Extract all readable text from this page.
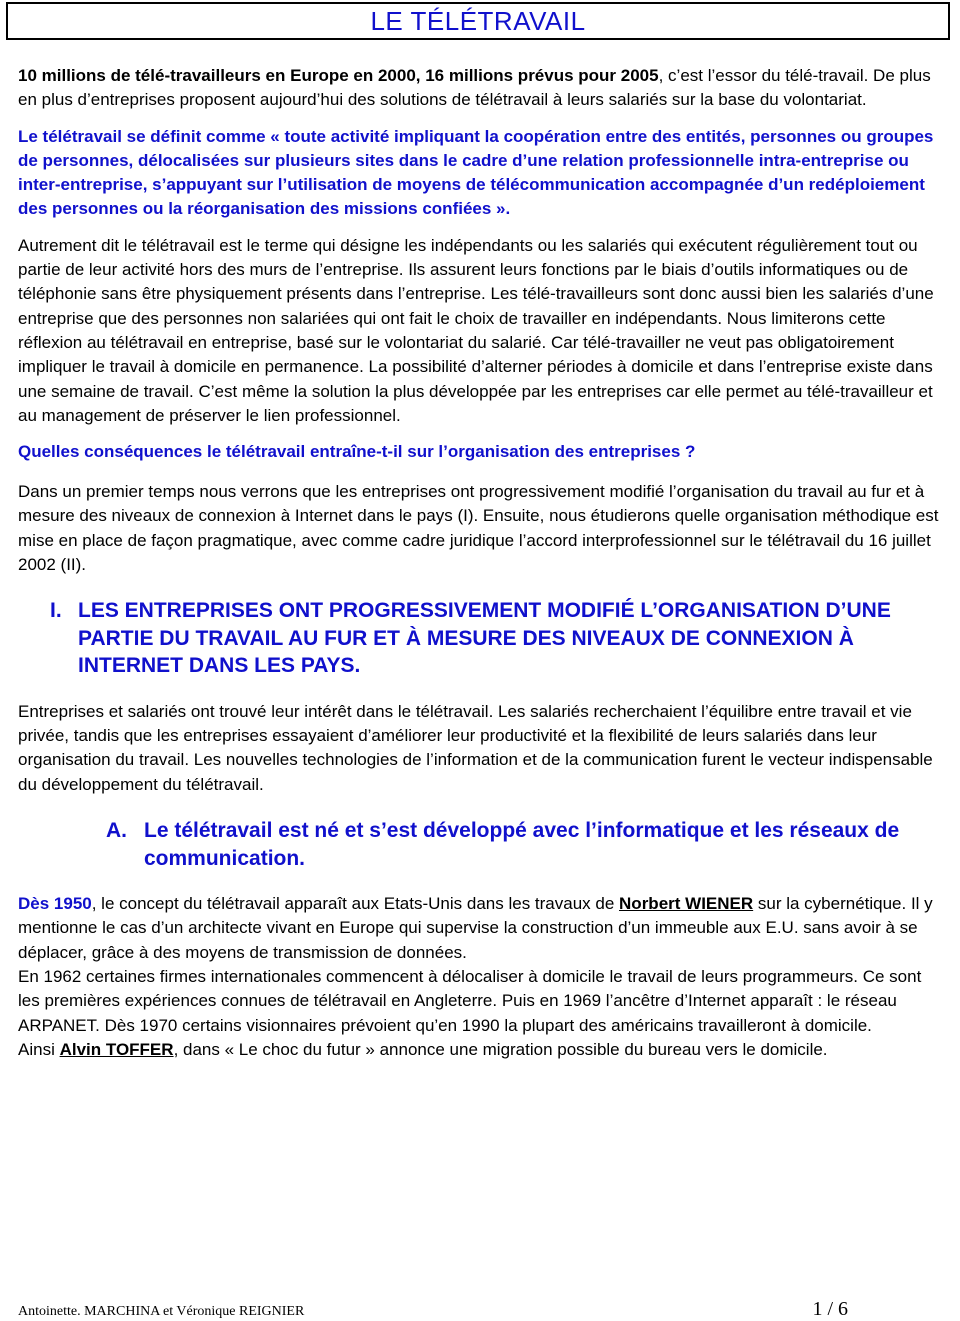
LE TÉLÉTRAVAIL

10 millions de télé-travailleurs en Europe en 2000, 16 millions prévus pour 2005, c’est l’essor du télé-travail. De plus en plus d’entreprises proposent aujourd’hui des solutions de télétravail à leurs salariés sur la base du volontariat.

Le télétravail se définit comme « toute activité impliquant la coopération entre des entités, personnes ou groupes de personnes, délocalisées sur plusieurs sites dans le cadre d’une relation professionnelle intra-entreprise ou inter-entreprise, s’appuyant sur l’utilisation de moyens de télécommunication accompagnée d’un redéploiement des personnes ou la réorganisation des missions confiées ».

Autrement dit le télétravail est le terme qui désigne les indépendants ou les salariés qui exécutent régulièrement tout ou partie de leur activité hors des murs de l’entreprise. Ils assurent leurs fonctions par le biais d’outils informatiques ou de téléphonie sans être physiquement présents dans l’entreprise. Les télé-travailleurs sont donc aussi bien les salariés d’une entreprise que des personnes non salariées qui ont fait le choix de travailler en indépendants. Nous limiterons cette réflexion au télétravail en entreprise, basé sur le volontariat du salarié. Car télé-travailler ne veut pas obligatoirement impliquer le travail à domicile en permanence. La possibilité d’alterner périodes à domicile et dans l’entreprise existe dans une semaine de travail. C’est même la solution la plus développée par les entreprises car elle permet au télé-travailleur et au management de préserver le lien professionnel.

Quelles conséquences le télétravail entraîne-t-il sur l’organisation des entreprises ?

Dans un premier temps nous verrons que les entreprises ont progressivement modifié l’organisation du travail au fur et à mesure des niveaux de connexion à Internet dans le pays (I). Ensuite, nous étudierons quelle organisation méthodique est mise en place de façon pragmatique, avec comme cadre juridique l’accord interprofessionnel sur le télétravail du 16 juillet 2002 (II).

I. LES ENTREPRISES ONT PROGRESSIVEMENT MODIFIÉ L’ORGANISATION D’UNE PARTIE DU TRAVAIL AU FUR ET À MESURE DES NIVEAUX DE CONNEXION À INTERNET DANS LES PAYS.

Entreprises et salariés ont trouvé leur intérêt dans le télétravail. Les salariés recherchaient l’équilibre entre travail et vie privée, tandis que les entreprises essayaient d’améliorer leur productivité et la flexibilité de leurs salariés dans leur organisation du travail. Les nouvelles technologies de l’information et de la communication furent le vecteur indispensable du développement du télétravail.

A. Le télétravail est né et s’est développé avec l’informatique et les réseaux de communication.

Dès 1950, le concept du télétravail apparaît aux Etats-Unis dans les travaux de Norbert WIENER sur la cybernétique. Il y mentionne le cas d’un architecte vivant en Europe qui supervise la construction d’un immeuble aux E.U. sans avoir à se déplacer, grâce à des moyens de transmission de données.

En 1962 certaines firmes internationales commencent à délocaliser à domicile le travail de leurs programmeurs. Ce sont les premières expériences connues de télétravail en Angleterre. Puis en 1969 l’ancêtre d’Internet apparaît : le réseau ARPANET. Dès 1970 certains visionnaires prévoient qu’en 1990 la plupart des américains travailleront à domicile.

Ainsi Alvin TOFFER, dans « Le choc du futur » annonce une migration possible du bureau vers le domicile.

Antoinette. MARCHINA et Véronique REIGNIER	1 / 6
